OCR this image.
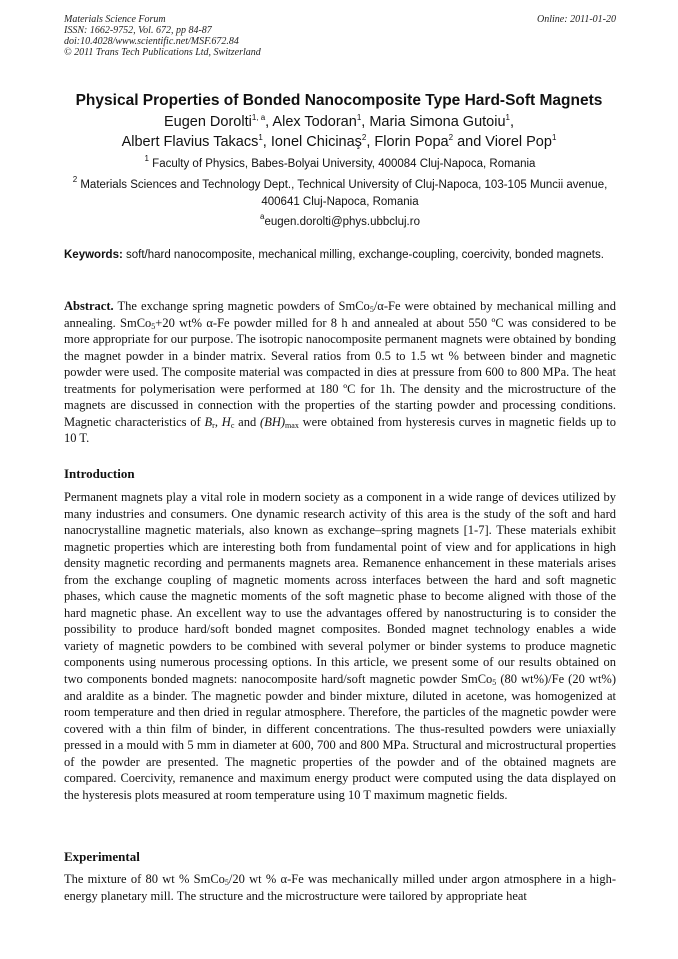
Materials Science Forum
ISSN: 1662-9752, Vol. 672, pp 84-87
doi:10.4028/www.scientific.net/MSF.672.84
© 2011 Trans Tech Publications Ltd, Switzerland
Online: 2011-01-20
Physical Properties of Bonded Nanocomposite Type Hard-Soft Magnets
Eugen Dorolti$^{1, a}$, Alex Todoran$^1$, Maria Simona Gutoiu$^1$,
Albert Flavius Takacs$^1$, Ionel Chicinaş$^2$, Florin Popa$^2$ and Viorel Pop$^1$
$^1$ Faculty of Physics, Babes-Bolyai University, 400084 Cluj-Napoca, Romania
$^2$ Materials Sciences and Technology Dept., Technical University of Cluj-Napoca, 103-105 Muncii avenue, 400641 Cluj-Napoca, Romania
$^a$eugen.dorolti@phys.ubbcluj.ro
Keywords: soft/hard nanocomposite, mechanical milling, exchange-coupling, coercivity, bonded magnets.
Abstract. The exchange spring magnetic powders of SmCo$_5$/α-Fe were obtained by mechanical milling and annealing. SmCo$_5$+20 wt% α-Fe powder milled for 8 h and annealed at about 550 ºC was considered to be more appropriate for our purpose. The isotropic nanocomposite permanent magnets were obtained by bonding the magnet powder in a binder matrix. Several ratios from 0.5 to 1.5 wt % between binder and magnetic powder were used. The composite material was compacted in dies at pressure from 600 to 800 MPa. The heat treatments for polymerisation were performed at 180 ºC for 1h. The density and the microstructure of the magnets are discussed in connection with the properties of the starting powder and processing conditions. Magnetic characteristics of $B_r$, $H_c$ and $(BH)_{max}$ were obtained from hysteresis curves in magnetic fields up to 10 T.
Introduction
Permanent magnets play a vital role in modern society as a component in a wide range of devices utilized by many industries and consumers. One dynamic research activity of this area is the study of the soft and hard nanocrystalline magnetic materials, also known as exchange–spring magnets [1-7]. These materials exhibit magnetic properties which are interesting both from fundamental point of view and for applications in high density magnetic recording and permanents magnets area. Remanence enhancement in these materials arises from the exchange coupling of magnetic moments across interfaces between the hard and soft magnetic phases, which cause the magnetic moments of the soft magnetic phase to become aligned with those of the hard magnetic phase. An excellent way to use the advantages offered by nanostructuring is to consider the possibility to produce hard/soft bonded magnet composites. Bonded magnet technology enables a wide variety of magnetic powders to be combined with several polymer or binder systems to produce magnetic components using numerous processing options. In this article, we present some of our results obtained on two components bonded magnets: nanocomposite hard/soft magnetic powder SmCo$_5$ (80 wt%)/Fe (20 wt%) and araldite as a binder. The magnetic powder and binder mixture, diluted in acetone, was homogenized at room temperature and then dried in regular atmosphere. Therefore, the particles of the magnetic powder were covered with a thin film of binder, in different concentrations. The thus-resulted powders were uniaxially pressed in a mould with 5 mm in diameter at 600, 700 and 800 MPa. Structural and microstructural properties of the powder are presented. The magnetic properties of the powder and of the obtained magnets are compared. Coercivity, remanence and maximum energy product were computed using the data displayed on the hysteresis plots measured at room temperature using 10 T maximum magnetic fields.
Experimental
The mixture of 80 wt % SmCo$_5$/20 wt % α-Fe was mechanically milled under argon atmosphere in a high-energy planetary mill. The structure and the microstructure were tailored by appropriate heat
